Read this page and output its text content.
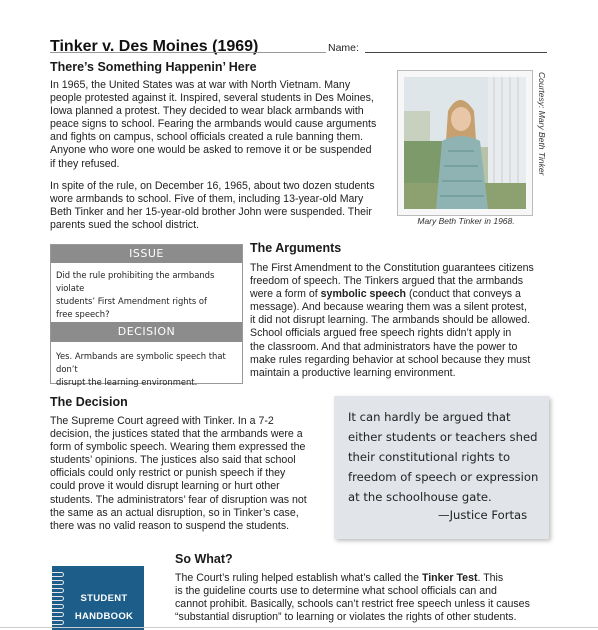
Tinker v. Des Moines (1969)	Name:
There’s Something Happenin’ Here

In 1965, the United States was at war with North Vietnam. Many

people protested against it. Inspired, several students in Des Moines,

Iowa planned a protest. They decided to wear black armbands with

peace signs to school. Fearing the armbands would cause arguments

and fights on campus, school officials created a rule banning them.

Anyone who wore one would be asked to remove it or be suspended

if they refused.

In spite of the rule, on December 16, 1965, about two dozen students

wore armbands to school. Five of them, including 13-year-old Mary

Beth Tinker and her 15-year-old brother John were suspended. Their

parents sued the school district.

Courtesy: Mary Beth Tinker
Mary Beth Tinker in 1968.
ISSUE
Did the rule prohibiting the armbands violate
students’ First Amendment rights of
free speech?
DECISION
Yes. Armbands are symbolic speech that don’t
disrupt the learning environment.
The Arguments

The First Amendment to the Constitution guarantees citizens

freedom of speech. The Tinkers argued that the armbands

were a form of symbolic speech (conduct that conveys a

message). And because wearing them was a silent protest,

it did not disrupt learning. The armbands should be allowed.

School officials argued free speech rights didn’t apply in

the classroom. And that administrators have the power to

make rules regarding behavior at school because they must

maintain a productive learning environment.

The Decision

The Supreme Court agreed with Tinker. In a 7-2

decision, the justices stated that the armbands were a

form of symbolic speech. Wearing them expressed the

students’ opinions. The justices also said that school

officials could only restrict or punish speech if they

could prove it would disrupt learning or hurt other

students. The administrators’ fear of disruption was not

the same as an actual disruption, so in Tinker’s case,

there was no valid reason to suspend the students.

It can hardly be argued that
either students or teachers shed
their constitutional rights to
freedom of speech or expression
at the schoolhouse gate.
—Justice Fortas
So What?

The Court’s ruling helped establish what’s called the Tinker Test. This

is the guideline courts use to determine what school officials can and

cannot prohibit. Basically, schools can’t restrict free speech unless it causes

“substantial disruption” to learning or violates the rights of other students.

STUDENT
HANDBOOK
